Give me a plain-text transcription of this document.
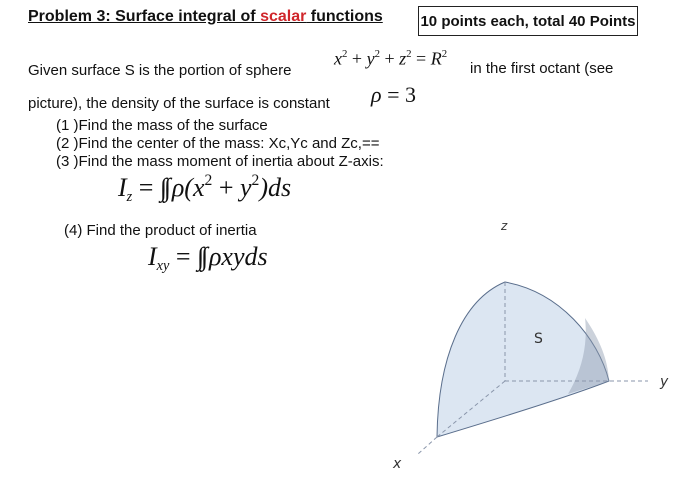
Problem 3: Surface integral of scalar functions	10 points each, total 40 Points
Given surface S is the portion of sphere
$x^2 + y^2 + z^2 = R^2$
in the first octant (see
picture), the density of the surface is constant ρ = 3
(1 )Find the mass of the surface
(2 )Find the center of the mass: Xc,Yc and Zc,==
(3 )Find the mass moment of inertia about Z-axis:
$I_z$ = ∫∫ $\rho(x^2 + y^2)ds$
(4) Find the product of inertia
$I_{xy}$ = ∫∫ ρxyds
z
y
x
S
